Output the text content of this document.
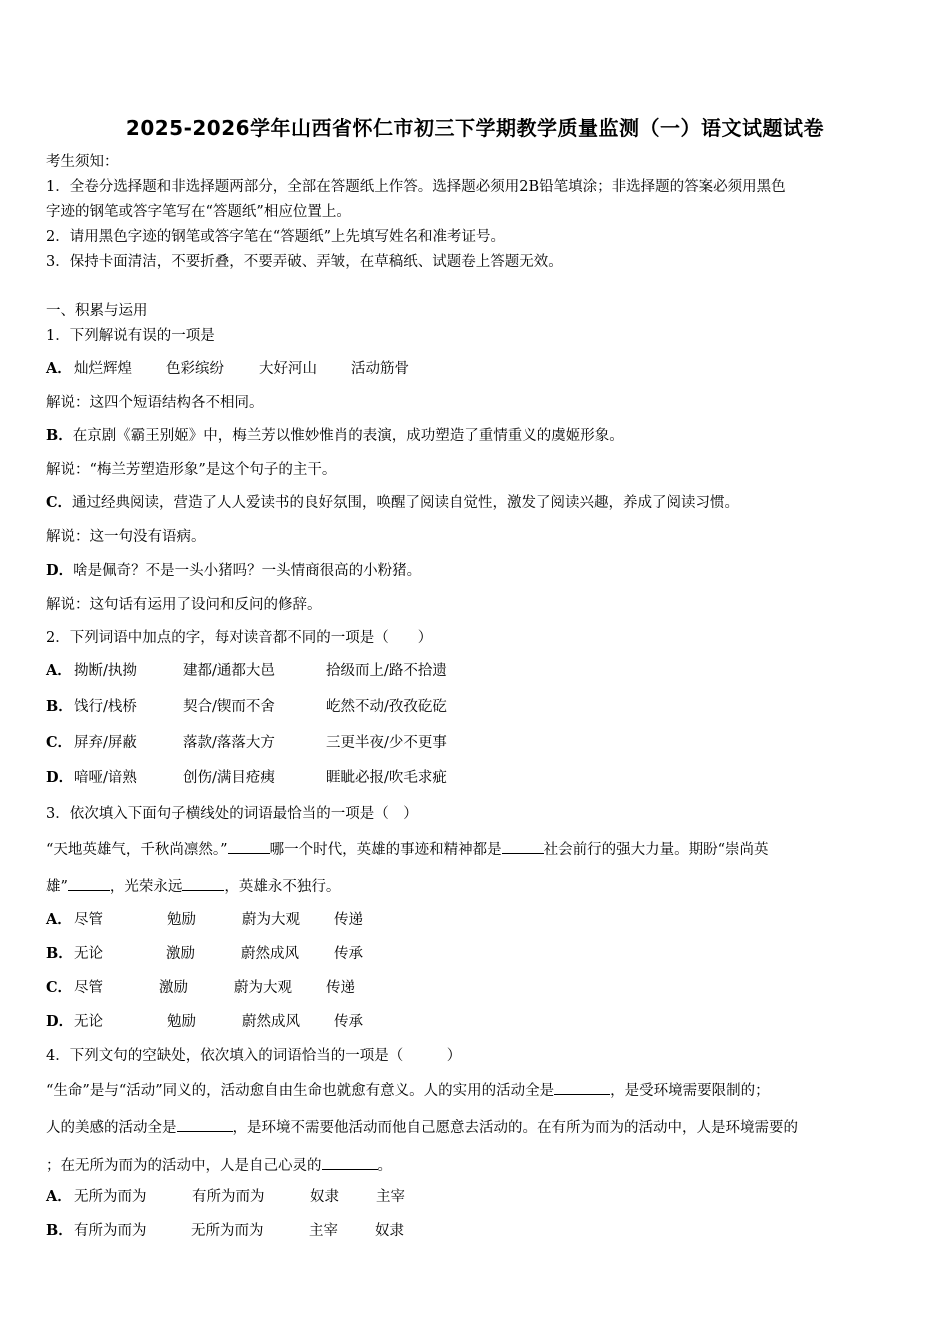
2025-2026学年山西省怀仁市初三下学期教学质量监测（一）语文试题试卷
考生须知：
1．全卷分选择题和非选择题两部分，全部在答题纸上作答。选择题必须用2B铅笔填涂；非选择题的答案必须用黑色
字迹的钢笔或答字笔写在“答题纸”相应位置上。
2．请用黑色字迹的钢笔或答字笔在“答题纸”上先填写姓名和准考证号。
3．保持卡面清洁，不要折叠，不要弄破、弄皱，在草稿纸、试题卷上答题无效。
一、积累与运用
1．下列解说有误的一项是
A． 灿烂辉煌 色彩缤纷 大好河山 活动筋骨
解说：这四个短语结构各不相同。
B．在京剧《霸王别姬》中，梅兰芳以惟妙惟肖的表演，成功塑造了重情重义的虞姬形象。
解说：“梅兰芳塑造形象”是这个句子的主干。
C．通过经典阅读，营造了人人爱读书的良好氛围，唤醒了阅读自觉性，激发了阅读兴趣，养成了阅读习惯。
解说：这一句没有语病。
D．啥是佩奇？不是一头小猪吗？一头情商很高的小粉猪。
解说：这句话有运用了设问和反问的修辞。
2．下列词语中加点的字，每对读音都不同的一项是（　　）
A． 拗断/执拗	建都/通都大邑	拾级而上/路不拾遗
B． 饯行/栈桥	契合/锲而不舍	屹然不动/孜孜矻矻
C． 屏弃/屏蔽	落款/落落大方	三更半夜/少不更事
D． 喑哑/谙熟	创伤/满目疮痍	睚眦必报/吹毛求疵
3．依次填入下面句子横线处的词语最恰当的一项是（　）
“天地英雄气，千秋尚凛然。”	哪一个时代，英雄的事迹和精神都是	社会前行的强大力量。期盼“崇尚英
雄”	，光荣永远	，英雄永不独行。
A． 尽管	勉励	蔚为大观 传递
B． 无论	激励	蔚然成风 传承
C． 尽管	激励	蔚为大观 传递
D． 无论	勉励	蔚然成风 传承
4．下列文句的空缺处，依次填入的词语恰当的一项是（　　　）
“生命”是与“活动”同义的，活动愈自由生命也就愈有意义。人的实用的活动全是	，是受环境需要限制的；
人的美感的活动全是	，是环境不需要他活动而他自己愿意去活动的。在有所为而为的活动中，人是环境需要的
；在无所为而为的活动中，人是自己心灵的	。
A． 无所为而为	有所为而为	奴隶	主宰
B． 有所为而为	无所为而为	主宰	奴隶
